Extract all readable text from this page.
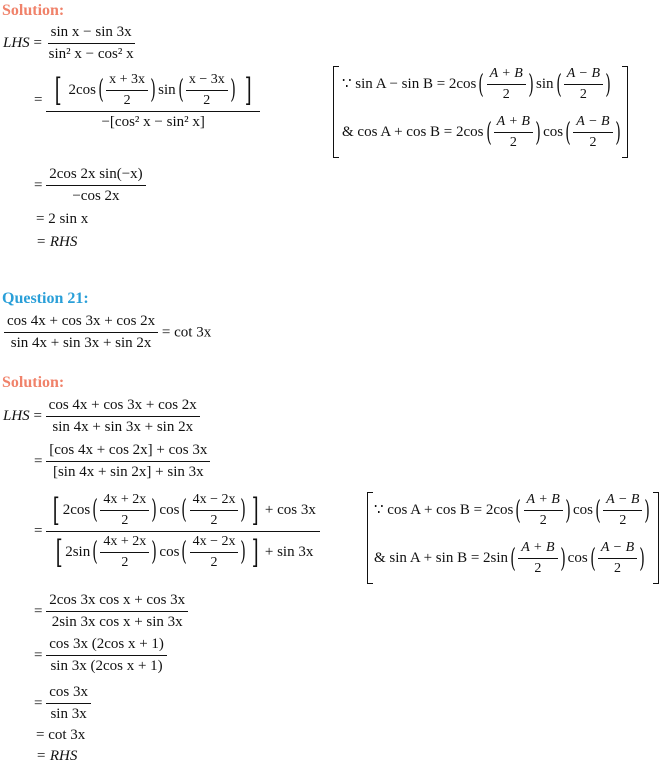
Solution:
LHS = $\frac{\text{sin x − sin 3x}}{\text{sin² x − cos² x}}$
= $\frac{[ 2\cos( \frac{x + 3x}{2} ) \sin( \frac{x - 3x}{2} ) ]}{\text{−[cos² x − sin² x]}}$	∵ $\sin A - \sin B = 2\cos( \frac{A + B}{2}$ ) $\sin( \frac{A - B}{2}$ )
& $\cos A + \cos B = 2\cos( \frac{A + B}{2}$ ) $\cos( \frac{A - B}{2}$ )
= $\frac{\text{2cos 2x sin(−x)}}{-\cos 2x}$
= 2 sin x
= RHS
Question 21:
$\frac{\cos 4x + \cos 3x + \cos 2x}{\sin 4x + \sin 3x + \sin 2x} = \cot 3x$
Solution:
LHS = $\frac{\cos 4x + \cos 3x + \cos 2x}{\sin 4x + \sin 3x + \sin 2x}$
= $\frac{[\cos 4x + \cos 2x] + \cos 3x}{[\sin 4x + \sin 2x] + \sin 3x}$
= $\frac{[ 2\cos( \frac{4x + 2x}{2} ) \cos( \frac{4x - 2x}{2} ) ] + \cos 3x}{[ 2\sin( \frac{4x + 2x}{2} ) \cos( \frac{4x - 2x}{2} ) ] + \sin 3x}$	∵ $\cos A + \cos B = 2\cos( \frac{A + B}{2}$ ) $\cos( \frac{A - B}{2}$ )
& $\sin A + \sin B = 2\sin( \frac{A + B}{2}$ ) $\cos( \frac{A - B}{2}$ )
= $\frac{\text{2cos 3x cos x + cos 3x}}{\text{2sin 3x cos x + sin 3x}}$
= $\frac{\text{cos 3x (2cos x + 1)}}{\text{sin 3x (2cos x + 1)}}$
= $\frac{\cos 3x}{\sin 3x}$
= cot 3x
= RHS
